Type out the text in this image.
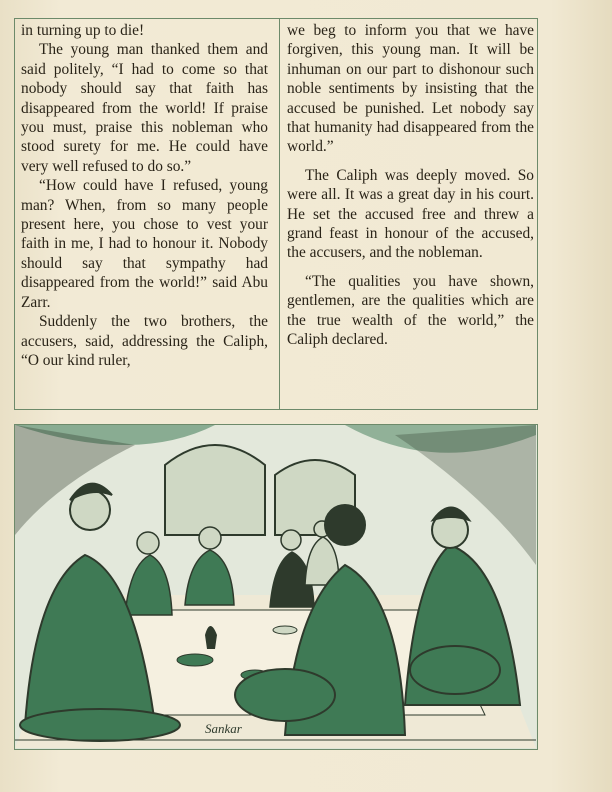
in turning up to die!

The young man thanked them and said politely, “I had to come so that nobody should say that faith has disappeared from the world! If praise you must, praise this nobleman who stood surety for me. He could have very well refused to do so.”

“How could have I refused, young man? When, from so many people present here, you chose to vest your faith in me, I had to honour it. Nobody should say that sympathy had disappeared from the world!” said Abu Zarr.

Suddenly the two brothers, the accusers, said, addressing the Caliph, “O our kind ruler,

we beg to inform you that we have forgiven, this young man. It will be inhuman on our part to dishonour such noble sentiments by insisting that the accused be punished. Let nobody say that humanity had disappeared from the world.”

The Caliph was deeply moved. So were all. It was a great day in his court. He set the accused free and threw a grand feast in honour of the accused, the accusers, and the nobleman.

“The qualities you have shown, gentlemen, are the qualities which are the true wealth of the world,” the Caliph declared.

Sankar
